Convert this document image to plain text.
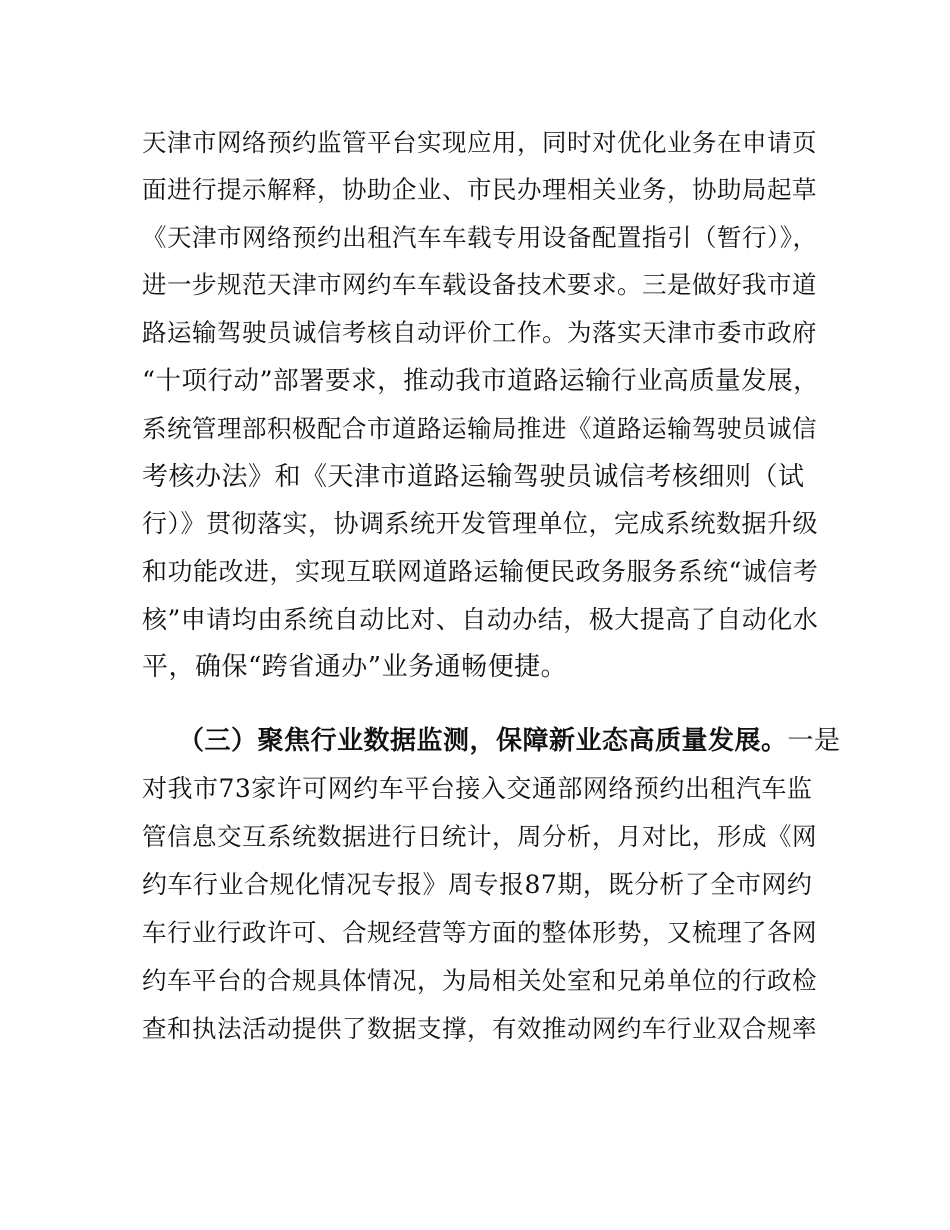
天津市网络预约监管平台实现应用，同时对优化业务在申请页
面进行提示解释，协助企业、市民办理相关业务，协助局起草
《天津市网络预约出租汽车车载专用设备配置指引（暂行）》，
进一步规范天津市网约车车载设备技术要求。三是做好我市道
路运输驾驶员诚信考核自动评价工作。为落实天津市委市政府
“十项行动”部署要求，推动我市道路运输行业高质量发展，
系统管理部积极配合市道路运输局推进《道路运输驾驶员诚信
考核办法》和《天津市道路运输驾驶员诚信考核细则（试
行）》贯彻落实，协调系统开发管理单位，完成系统数据升级
和功能改进，实现互联网道路运输便民政务服务系统“诚信考
核”申请均由系统自动比对、自动办结，极大提高了自动化水
平，确保“跨省通办”业务通畅便捷。
（三）聚焦行业数据监测，保障新业态高质量发展。一是
对我市73家许可网约车平台接入交通部网络预约出租汽车监
管信息交互系统数据进行日统计，周分析，月对比，形成《网
约车行业合规化情况专报》周专报87期，既分析了全市网约
车行业行政许可、合规经营等方面的整体形势，又梳理了各网
约车平台的合规具体情况，为局相关处室和兄弟单位的行政检
查和执法活动提供了数据支撑，有效推动网约车行业双合规率
